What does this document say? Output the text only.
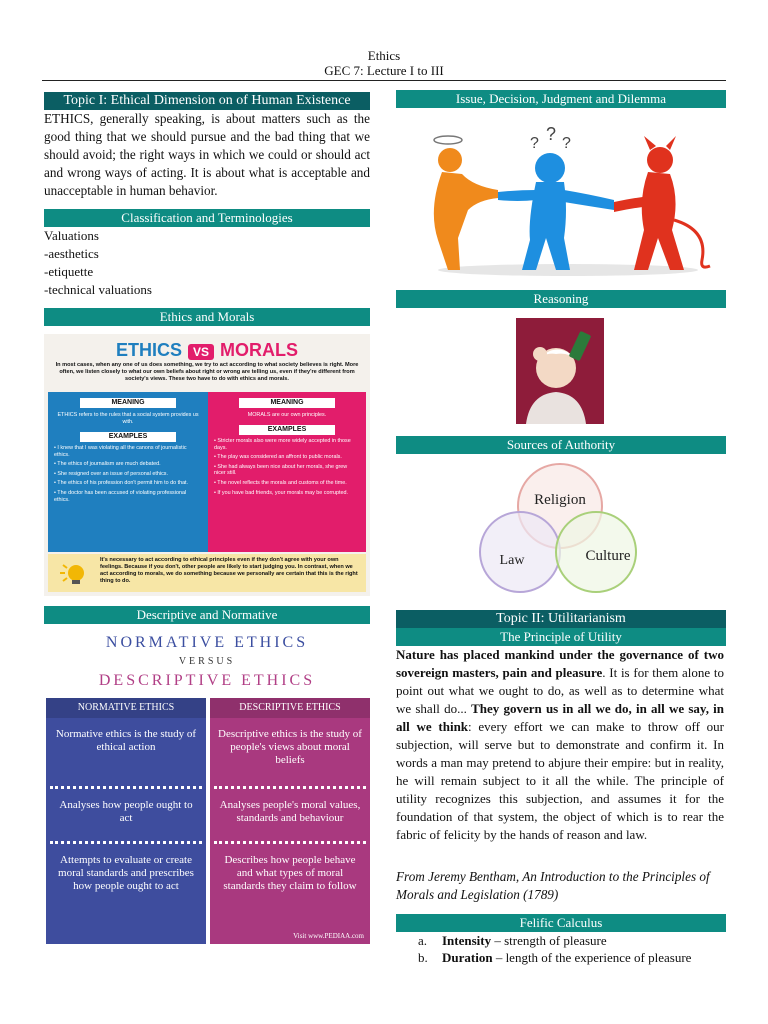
Ethics
GEC 7: Lecture I to III
Topic I: Ethical Dimension on of Human Existence
ETHICS, generally speaking, is about matters such as the good thing that we should pursue and the bad thing that we should avoid; the right ways in which we could or should act and wrong ways of acting. It is about what is acceptable and unacceptable in human behavior.
Classification and Terminologies
Valuations
-aesthetics
-etiquette
-technical valuations
Ethics and Morals
ETHICS VS MORALS
In most cases, when any one of us does something, we try to act according to what society believes is right. More often, we listen closely to what our own beliefs about right or wrong are telling us, even if they're different from society's views. These two have to do with ethics and morals.
MEANING
ETHICS refers to the rules that a social system provides us with.
EXAMPLES
• I knew that I was violating all the canons of journalistic ethics.
• The ethics of journalism are much debated.
• She resigned over an issue of personal ethics.
• The ethics of his profession don't permit him to do that.
• The doctor has been accused of violating professional ethics.
MEANING
MORALS are our own principles.
EXAMPLES
• Stricter morals also were more widely accepted in those days.
• The play was considered an affront to public morals.
• She had always been nice about her morals, she grew nicer still.
• The novel reflects the morals and customs of the time.
• If you have bad friends, your morals may be corrupted.
It's necessary to act according to ethical principles even if they don't agree with your own feelings. Because if you don't, other people are likely to start judging you. In contrast, when we act according to morals, we do something because we personally are certain that this is the right thing to do.
Descriptive and Normative
NORMATIVE ETHICS
VERSUS
DESCRIPTIVE ETHICS
NORMATIVE ETHICS
Normative ethics is the study of ethical action
Analyses how people ought to act
Attempts to evaluate or create moral standards and prescribes how people ought to act
DESCRIPTIVE ETHICS
Descriptive ethics is the study of people's views about moral beliefs
Analyses people's moral values, standards and behaviour
Describes how people behave and what types of moral standards they claim to follow
Visit www.PEDIAA.com
Issue, Decision, Judgment and Dilemma
? ? ?
Reasoning
Sources of Authority
Religion
Law	Culture
Topic II: Utilitarianism
The Principle of Utility
Nature has placed mankind under the governance of two sovereign masters, pain and pleasure. It is for them alone to point out what we ought to do, as well as to determine what we shall do... They govern us in all we do, in all we say, in all we think: every effort we can make to throw off our subjection, will serve but to demonstrate and confirm it. In words a man may pretend to abjure their empire: but in reality, he will remain subject to it all the while. The principle of utility recognizes this subjection, and assumes it for the foundation of that system, the object of which is to rear the fabric of felicity by the hands of reason and law.
From Jeremy Bentham, An Introduction to the Principles of Morals and Legislation (1789)
Felific Calculus
a. Intensity – strength of pleasure
b. Duration – length of the experience of pleasure
